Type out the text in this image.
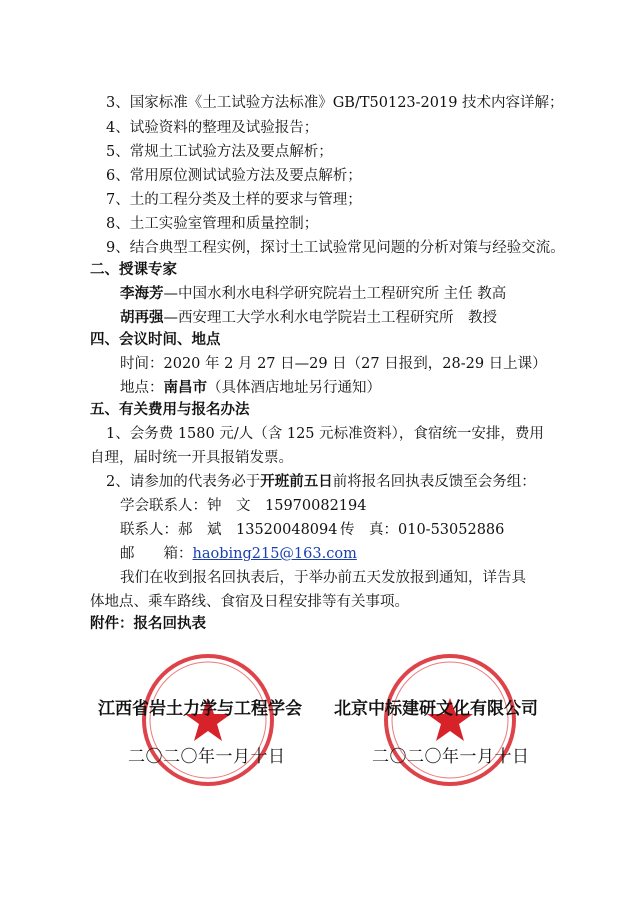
3、国家标准《土工试验方法标准》GB/T50123-2019 技术内容详解；
4、试验资料的整理及试验报告；
5、常规土工试验方法及要点解析；
6、常用原位测试试验方法及要点解析；
7、土的工程分类及土样的要求与管理；
8、土工实验室管理和质量控制；
9、结合典型工程实例，探讨土工试验常见问题的分析对策与经验交流。
二、授课专家
李海芳—中国水利水电科学研究院岩土工程研究所 主任 教高
胡再强—西安理工大学水利水电学院岩土工程研究所　教授
四、会议时间、地点
时间：2020 年 2 月 27 日—29 日（27 日报到，28-29 日上课）
地点：南昌市（具体酒店地址另行通知）
五、有关费用与报名办法
1、会务费 1580 元/人（含 125 元标准资料），食宿统一安排，费用
自理，届时统一开具报销发票。
2、请参加的代表务必于开班前五日前将报名回执表反馈至会务组：
学会联系人：钟　文　15970082194
联系人：郝　斌　13520048094 传　真：010-53052886
邮　　箱：haobing215@163.com
我们在收到报名回执表后，于举办前五天发放报到通知，详告具
体地点、乘车路线、食宿及日程安排等有关事项。
附件：报名回执表
江西省岩土力学与工程学会 北京中标建研文化有限公司
二〇二〇年一月十日	二〇二〇年一月十日
